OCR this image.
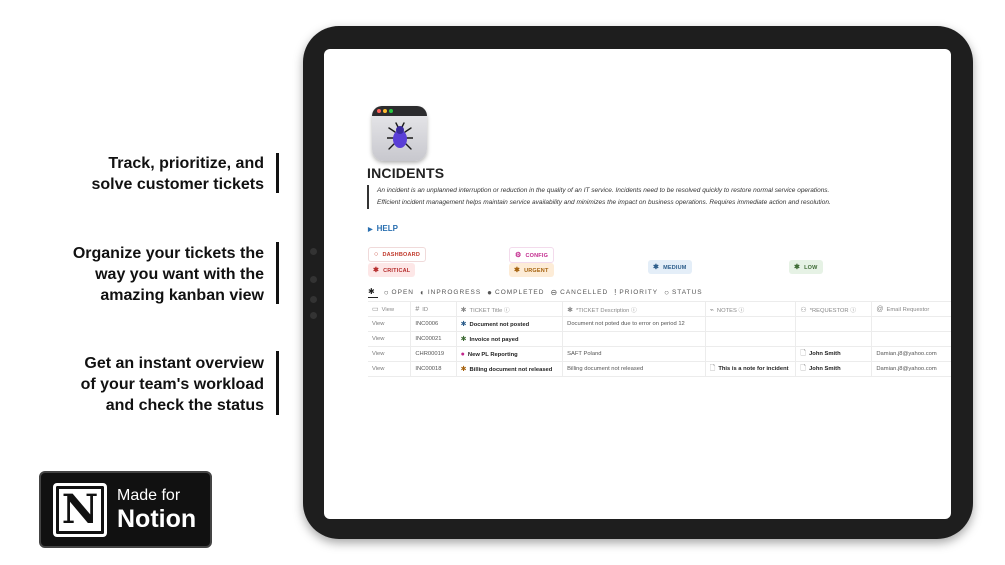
Track, prioritize, and
solve customer tickets
Organize your tickets the
way you want with the
amazing kanban view
Get an instant overview
of your team's workload
and check the status
N	Made for
Notion
INCIDENTS
An incident is an unplanned interruption or reduction in the quality of an IT service. Incidents need to be resolved quickly to restore normal service operations.
Efficient incident management helps maintain service availability and minimizes the impact on business operations. Requires immediate action and resolution.
▶ HELP
○ DASHBOARD	⚙ CONFIG
✱ CRITICAL	✱ URGENT	✱ MEDIUM	✱ LOW
✱ ○ OPEN ◐ INPROGRESS ● COMPLETED ⊖ CANCELLED ! PRIORITY ○ STATUS
▭ View	# ID	✱ TICKET Title ⓘ	✱ *TICKET Description ⓘ	⌁ NOTES ⓘ	⚇ *REQUESTOR ⓘ	@ Email Requestor
View	INC0006	✱ Document not posted	Document not poted due to error on period 12			
View	INC00021	✱ Invoice not payed				
View	CHR00019	● New PL Reporting	SAFT Poland		🗋 John Smith	Damian.j8@yahoo.com
View	INC00018	✱ Billing document not released	Billing document not released	🗋 This is a note for incident	🗋 John Smith	Damian.j8@yahoo.com
